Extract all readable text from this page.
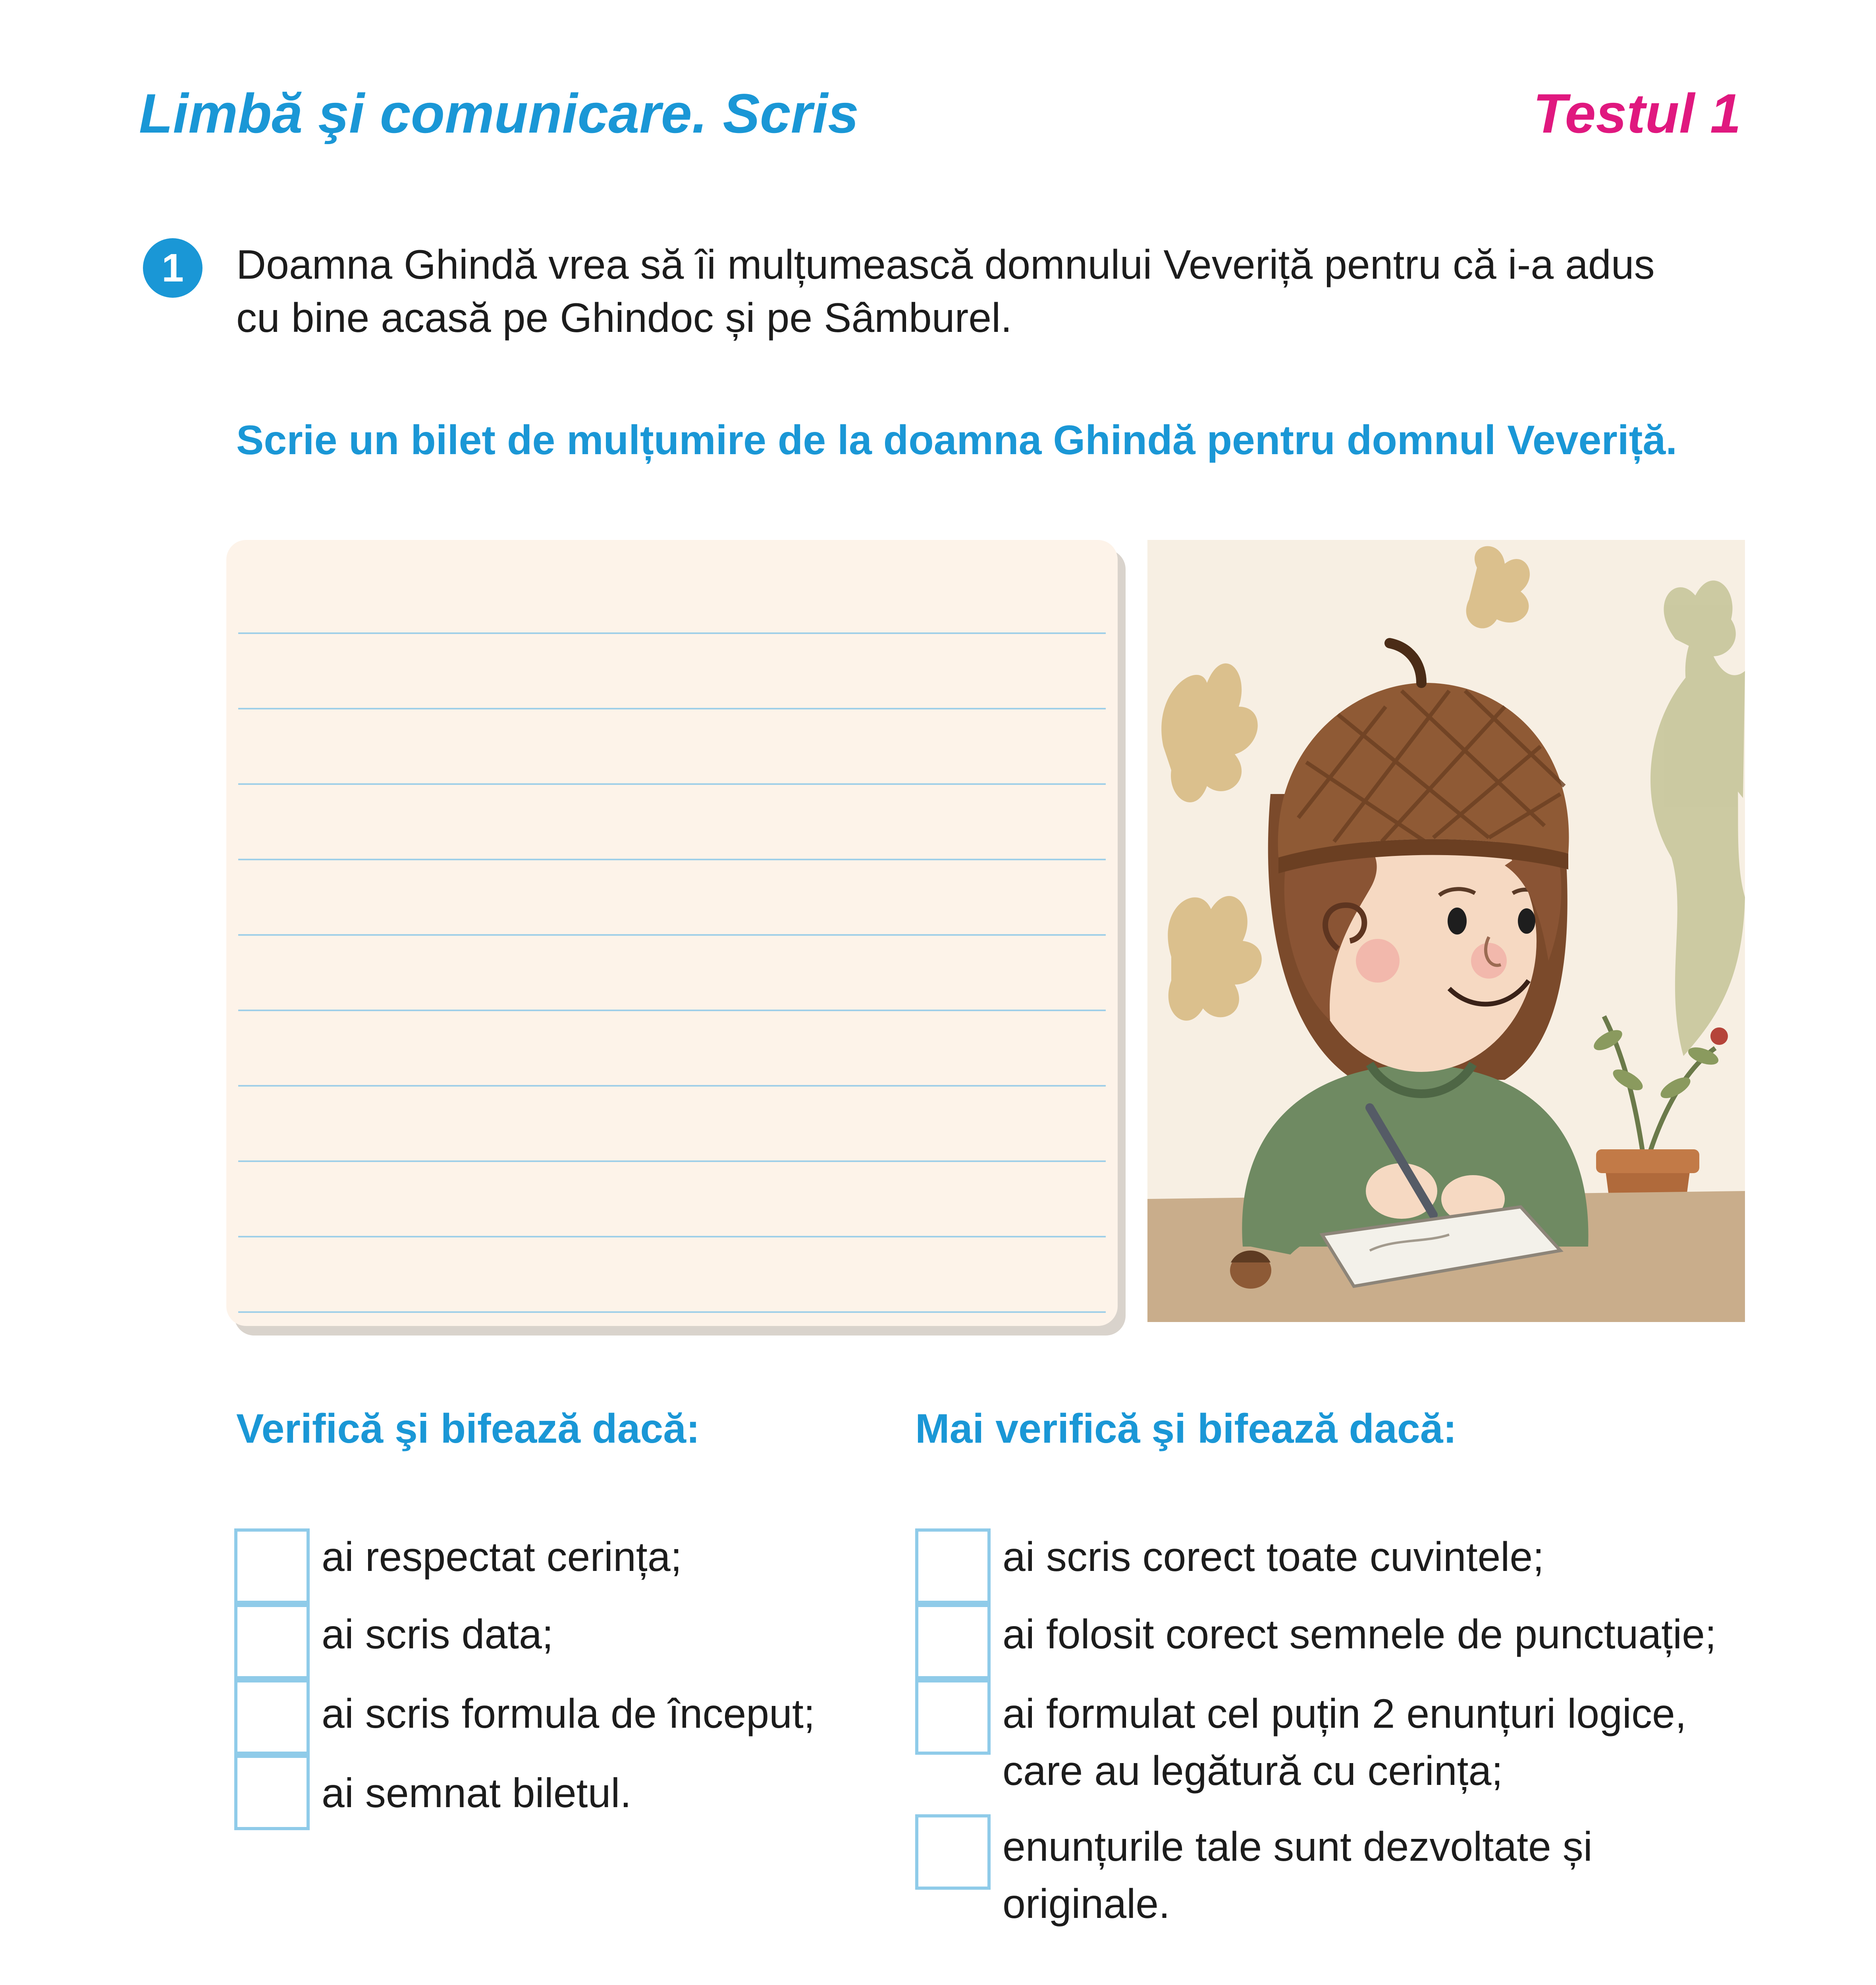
Limbă şi comunicare. Scris	Testul 1
1	Doamna Ghindă vrea să îi mulțumească domnului Veveriță pentru că i-a adus
cu bine acasă pe Ghindoc și pe Sâmburel.
Scrie un bilet de mulțumire de la doamna Ghindă pentru domnul Veveriță.
Verifică şi bifează dacă:	Mai verifică şi bifează dacă:
ai respectat cerința;
ai scris data;
ai scris formula de început;
ai semnat biletul.
ai scris corect toate cuvintele;
ai folosit corect semnele de punctuație;
ai formulat cel puțin 2 enunțuri logice,
care au legătură cu cerința;
enunțurile tale sunt dezvoltate și
originale.
